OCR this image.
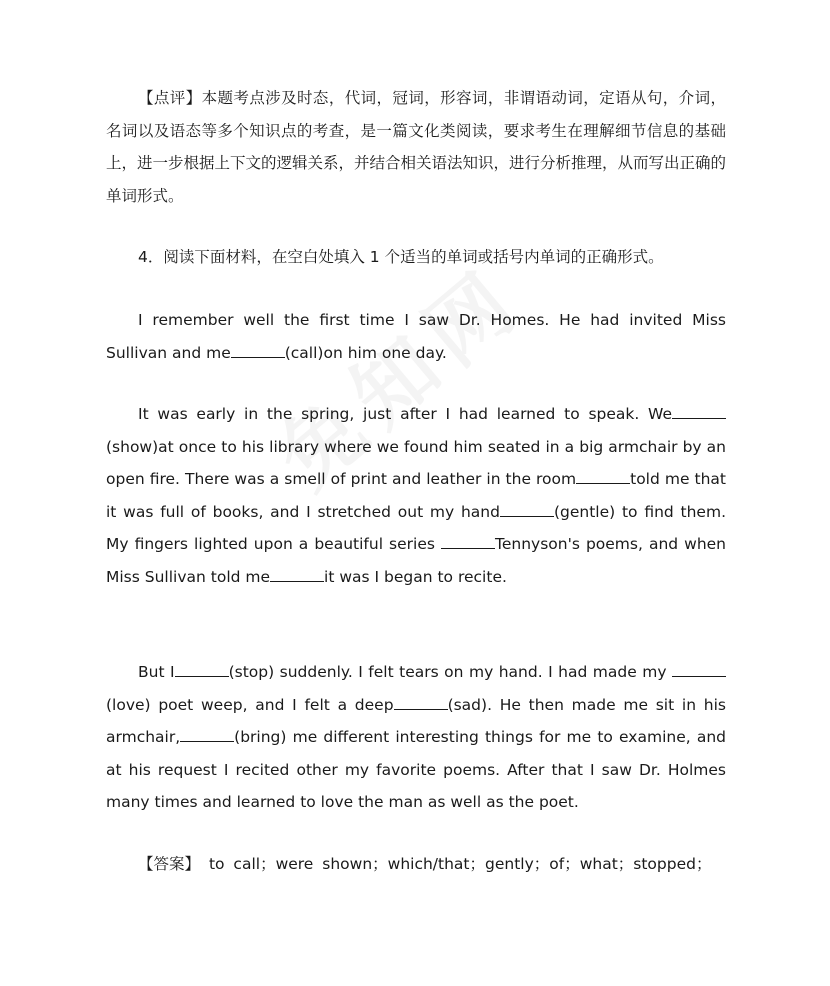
【点评】本题考点涉及时态，代词，冠词，形容词，非谓语动词，定语从句，介词，名词以及语态等多个知识点的考查，是一篇文化类阅读，要求考生在理解细节信息的基础上，进一步根据上下文的逻辑关系，并结合相关语法知识，进行分析推理，从而写出正确的单词形式。

4．阅读下面材料，在空白处填入 1 个适当的单词或括号内单词的正确形式。

I remember well the first time I saw Dr. Homes. He had invited Miss Sullivan and me	(call)on him one day.

It was early in the spring, just after I had learned to speak. We(show)at once to his library where we found him seated in a big armchair by an open fire. There was a smell of print and leather in the room	told me that it was full of books, and I stretched out my hand	(gentle) to find them. My fingers lighted upon a beautiful series	Tennyson's poems, and when Miss Sullivan told me	it was I began to recite.

But I	(stop) suddenly. I felt tears on my hand. I had made my  (love) poet weep, and I felt a deep	(sad). He then made me sit in his armchair,	(bring) me different interesting things for me to examine, and at his request I recited other my favorite poems. After that I saw Dr. Holmes many times and learned to love the man as well as the poet.

【答案】 to call；were shown；which/that；gently；of；what；stopped；
